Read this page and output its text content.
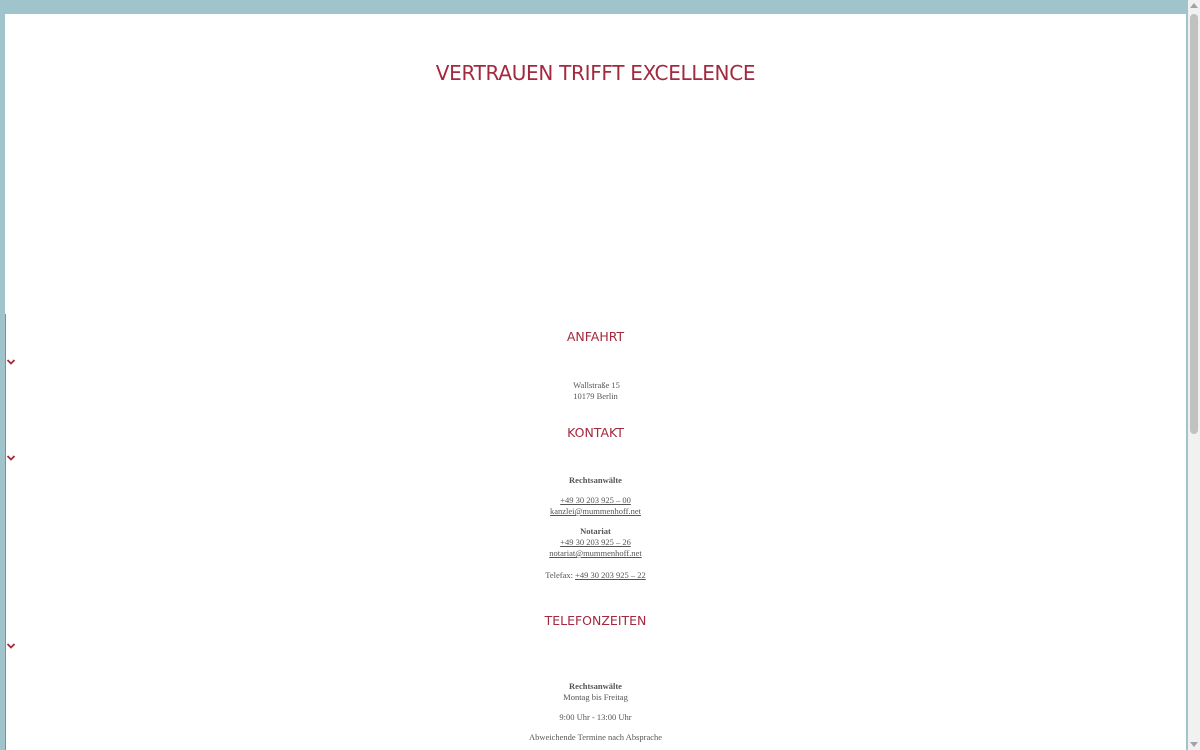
VERTRAUEN TRIFFT EXCELLENCE
ANFAHRT
Wallstraße 15
10179 Berlin
KONTAKT
Rechtsanwälte
+49 30 203 925 – 00
kanzlei@mummenhoff.net
Notariat
+49 30 203 925 – 26
notariat@mummenhoff.net
Telefax: +49 30 203 925 – 22
TELEFONZEITEN
Rechtsanwälte
Montag bis Freitag
9:00 Uhr - 13:00 Uhr
Abweichende Termine nach Absprache
